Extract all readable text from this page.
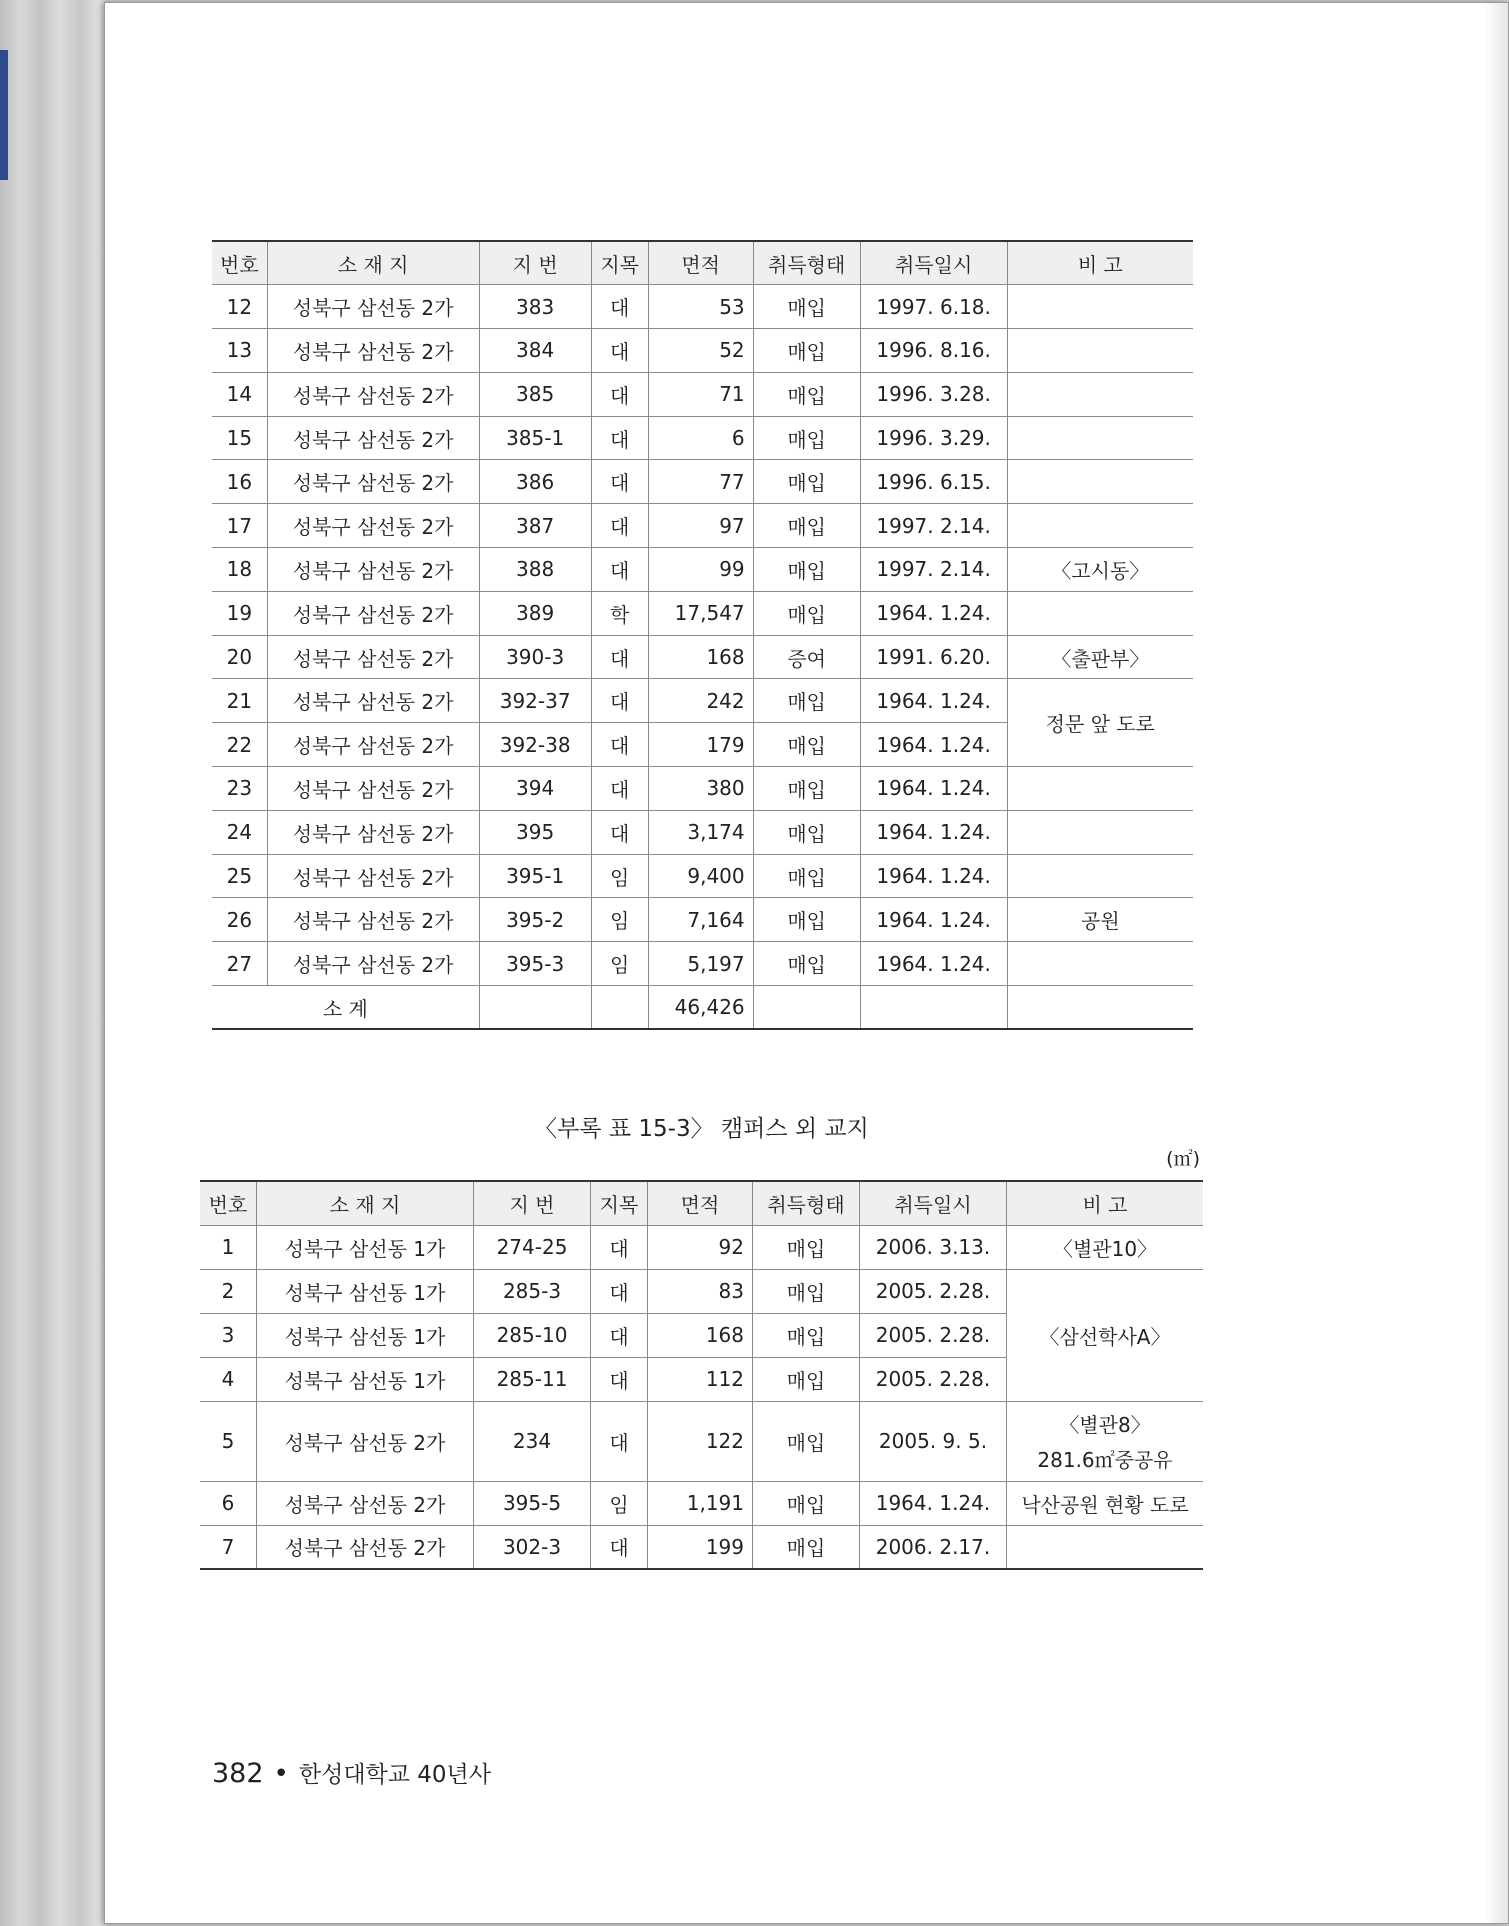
번호	소 재 지	지 번	지목	면적	취득형태	취득일시	비 고
12	성북구 삼선동 2가	383	대	53	매입	1997. 6.18.	
13	성북구 삼선동 2가	384	대	52	매입	1996. 8.16.	
14	성북구 삼선동 2가	385	대	71	매입	1996. 3.28.	
15	성북구 삼선동 2가	385-1	대	6	매입	1996. 3.29.	
16	성북구 삼선동 2가	386	대	77	매입	1996. 6.15.	
17	성북구 삼선동 2가	387	대	97	매입	1997. 2.14.	
18	성북구 삼선동 2가	388	대	99	매입	1997. 2.14.	〈고시동〉
19	성북구 삼선동 2가	389	학	17,547	매입	1964. 1.24.	
20	성북구 삼선동 2가	390-3	대	168	증여	1991. 6.20.	〈출판부〉
21	성북구 삼선동 2가	392-37	대	242	매입	1964. 1.24.	정문 앞 도로
22	성북구 삼선동 2가	392-38	대	179	매입	1964. 1.24.	
23	성북구 삼선동 2가	394	대	380	매입	1964. 1.24.	
24	성북구 삼선동 2가	395	대	3,174	매입	1964. 1.24.	
25	성북구 삼선동 2가	395-1	임	9,400	매입	1964. 1.24.	
26	성북구 삼선동 2가	395-2	임	7,164	매입	1964. 1.24.	공원
27	성북구 삼선동 2가	395-3	임	5,197	매입	1964. 1.24.	
소 계				46,426			
〈부록 표 15-3〉 캠퍼스 외 교지
(㎡)
번호	소 재 지	지 번	지목	면적	취득형태	취득일시	비 고
1	성북구 삼선동 1가	274-25	대	92	매입	2006. 3.13.	〈별관10〉
2	성북구 삼선동 1가	285-3	대	83	매입	2005. 2.28.	〈삼선학사A〉
3	성북구 삼선동 1가	285-10	대	168	매입	2005. 2.28.	
4	성북구 삼선동 1가	285-11	대	112	매입	2005. 2.28.	
5	성북구 삼선동 2가	234	대	122	매입	2005. 9. 5.	〈별관8〉
281.6㎡중공유

6	성북구 삼선동 2가	395-5	임	1,191	매입	1964. 1.24.	낙산공원 현황 도로
7	성북구 삼선동 2가	302-3	대	199	매입	2006. 2.17.	
382 • 한성대학교 40년사
